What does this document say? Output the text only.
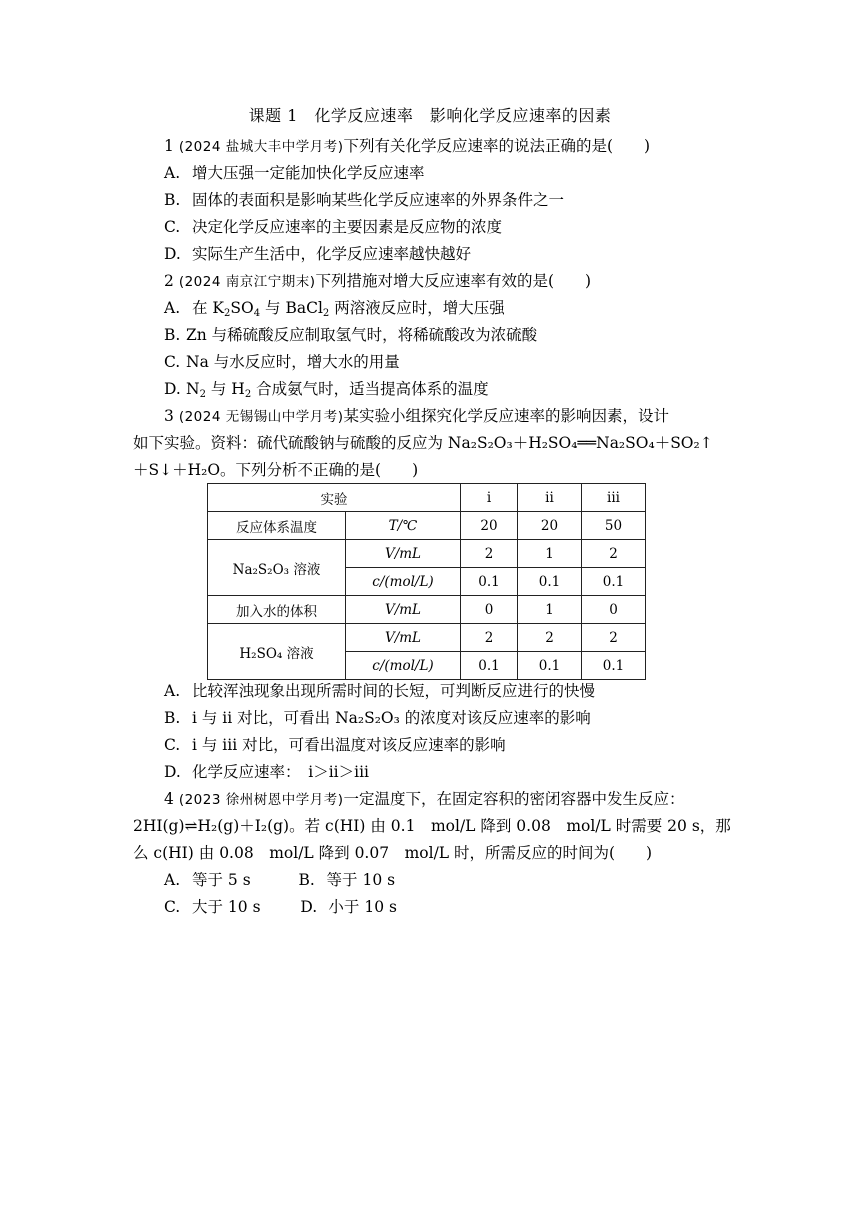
课题 1　化学反应速率　影响化学反应速率的因素
1 (2024 盐城大丰中学月考)下列有关化学反应速率的说法正确的是(　　)
A. 增大压强一定能加快化学反应速率
B. 固体的表面积是影响某些化学反应速率的外界条件之一
C. 决定化学反应速率的主要因素是反应物的浓度
D. 实际生产生活中，化学反应速率越快越好
2 (2024 南京江宁期末)下列措施对增大反应速率有效的是(　　)
A. 在 $K_2SO_4$ 与 BaCl$_2$ 两溶液反应时，增大压强
B. Zn 与稀硫酸反应制取氢气时，将稀硫酸改为浓硫酸
C. Na 与水反应时，增大水的用量
D. $N_2$ 与 $H_2$ 合成氨气时，适当提高体系的温度
3 (2024 无锡锡山中学月考)某实验小组探究化学反应速率的影响因素，设计
如下实验。资料：硫代硫酸钠与硫酸的反应为 Na₂S₂O₃＋H₂SO₄══Na₂SO₄＋SO₂↑
＋S↓＋H₂O。下列分析不正确的是(　　)
实验		i	ii	iii
反应体系温度	T/℃	20	20	50
Na₂S₂O₃ 溶液	V/mL	2	1	2
	c/(mol/L)	0.1	0.1	0.1
加入水的体积	V/mL	0	1	0
H₂SO₄ 溶液	V/mL	2	2	2
	c/(mol/L)	0.1	0.1	0.1
A. 比较浑浊现象出现所需时间的长短，可判断反应进行的快慢
B. i 与 ii 对比，可看出 Na₂S₂O₃ 的浓度对该反应速率的影响
C. i 与 iii 对比，可看出温度对该反应速率的影响
D. 化学反应速率：　i＞ii＞iii
4 (2023 徐州树恩中学月考)一定温度下，在固定容积的密闭容器中发生反应：
2HI(g)⇌H₂(g)＋I₂(g)。若 c(HI) 由 0.1　mol/L 降到 0.08　mol/L 时需要 20 s，那
么 c(HI) 由 0.08　mol/L 降到 0.07　mol/L 时，所需反应的时间为(　　)
A. 等于 5 s	B. 等于 10 s
C. 大于 10 s	D. 小于 10 s
